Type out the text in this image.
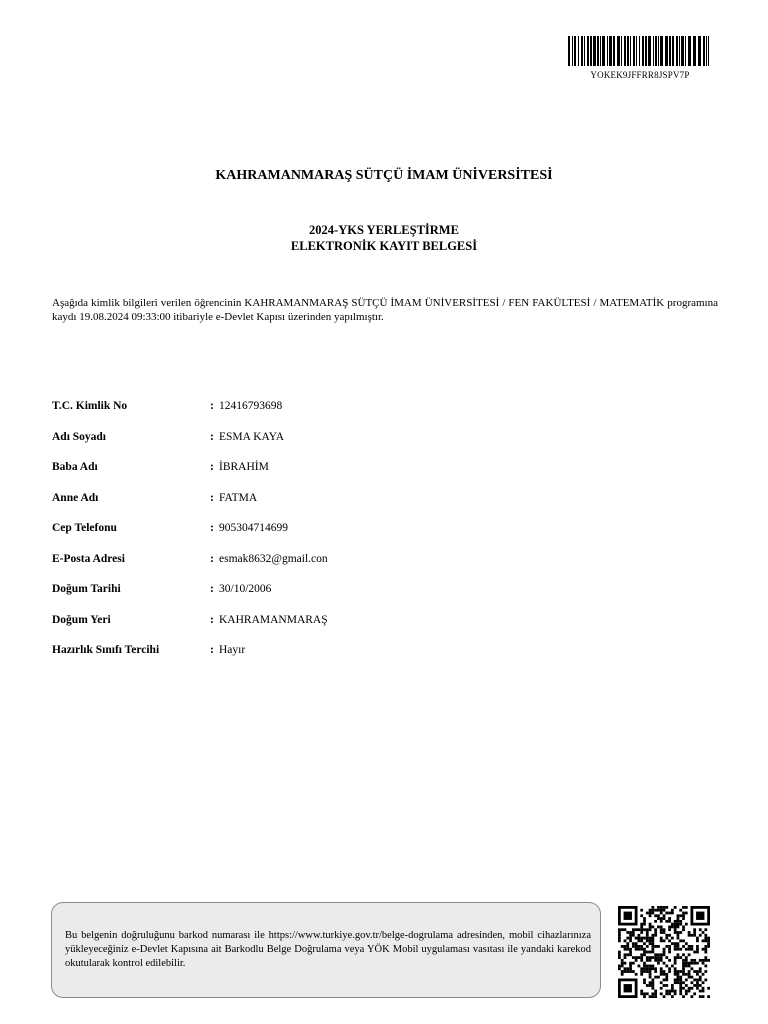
YOKEK9JFFRR8JSPV7P
KAHRAMANMARAŞ SÜTÇÜ İMAM ÜNİVERSİTESİ
2024-YKS YERLEŞTİRME
ELEKTRONİK KAYIT BELGESİ
Aşağıda kimlik bilgileri verilen öğrencinin KAHRAMANMARAŞ SÜTÇÜ İMAM ÜNİVERSİTESİ / FEN FAKÜLTESİ / MATEMATİK programına kaydı 19.08.2024 09:33:00 itibariyle e-Devlet Kapısı üzerinden yapılmıştır.
T.C. Kimlik No	: 12416793698
Adı Soyadı	: ESMA KAYA
Baba Adı	: İBRAHİM
Anne Adı	: FATMA
Cep Telefonu	: 905304714699
E-Posta Adresi	: esmak8632@gmail.con
Doğum Tarihi	: 30/10/2006
Doğum Yeri	: KAHRAMANMARAŞ
Hazırlık Sınıfı Tercihi	: Hayır
Bu belgenin doğruluğunu barkod numarası ile https://www.turkiye.gov.tr/belge-dogrulama adresinden, mobil cihazlarınıza yükleyeceğiniz e-Devlet Kapısına ait Barkodlu Belge Doğrulama veya YÖK Mobil uygulaması vasıtası ile yandaki karekod okutularak kontrol edilebilir.
